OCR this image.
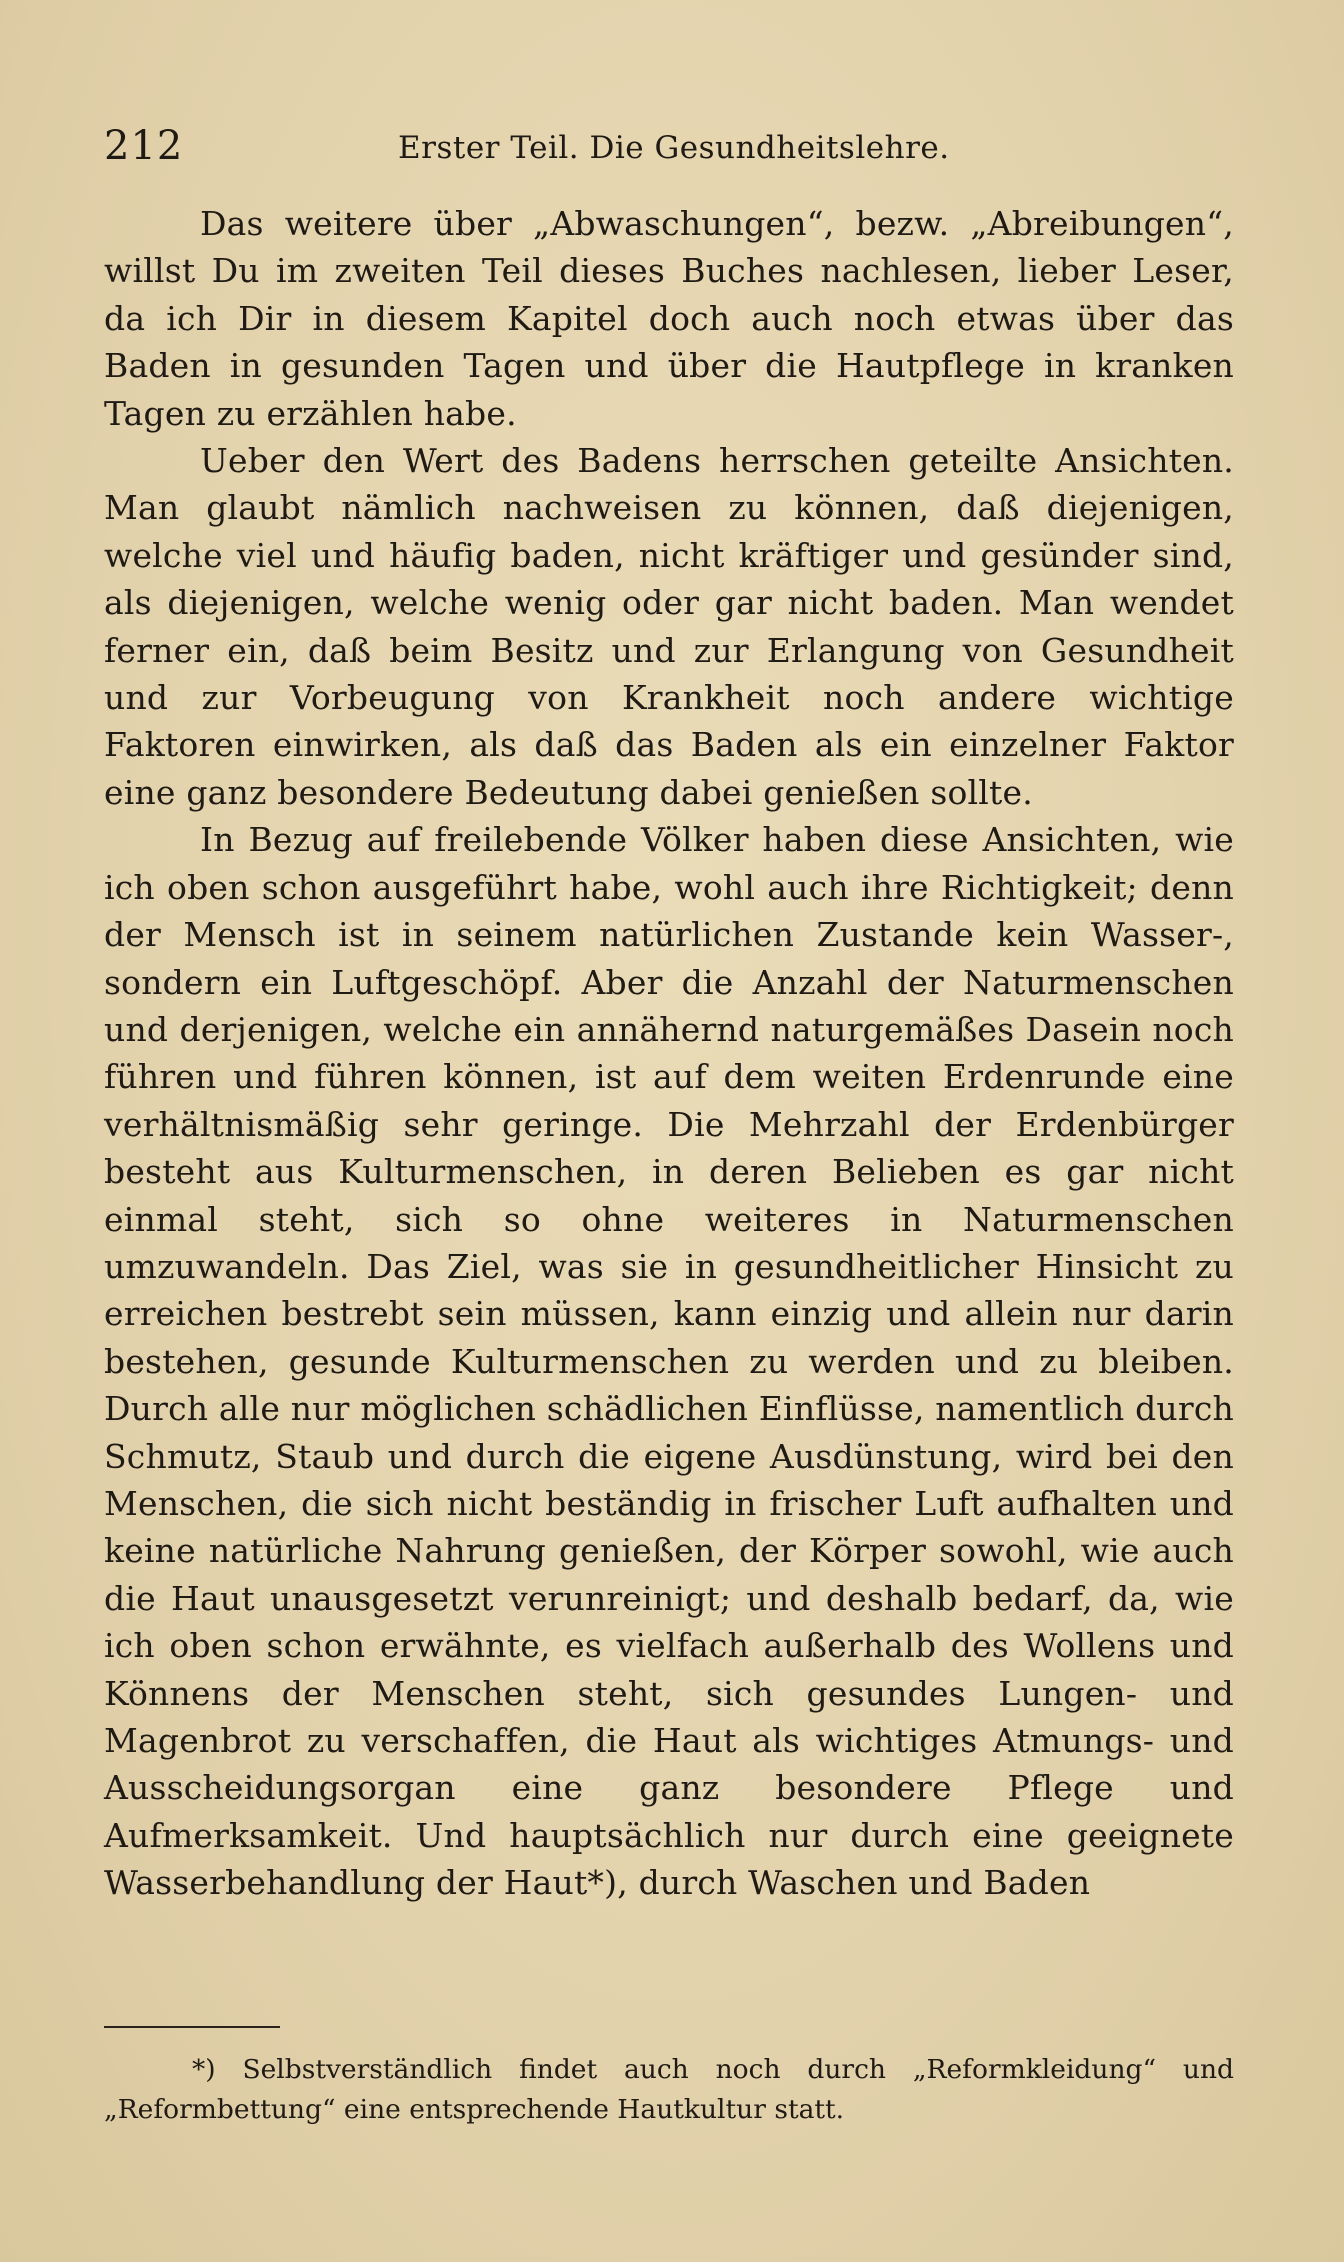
212	Erster Teil. Die Gesundheitslehre.

Das weitere über „Abwaschungen“, bezw. „Abreibungen“, willst Du im zweiten Teil dieses Buches nachlesen, lieber Leser, da ich Dir in diesem Kapitel doch auch noch etwas über das Baden in gesunden Tagen und über die Hautpflege in kranken Tagen zu erzählen habe.

Ueber den Wert des Badens herrschen geteilte Ansichten. Man glaubt nämlich nachweisen zu können, daß diejenigen, welche viel und häufig baden, nicht kräftiger und gesünder sind, als diejenigen, welche wenig oder gar nicht baden. Man wendet ferner ein, daß beim Besitz und zur Erlangung von Gesundheit und zur Vorbeugung von Krankheit noch andere wichtige Faktoren einwirken, als daß das Baden als ein einzelner Faktor eine ganz besondere Bedeutung dabei genießen sollte.

In Bezug auf freilebende Völker haben diese Ansichten, wie ich oben schon ausgeführt habe, wohl auch ihre Richtigkeit; denn der Mensch ist in seinem natürlichen Zustande kein Wasser-, sondern ein Luftgeschöpf. Aber die Anzahl der Naturmenschen und derjenigen, welche ein annähernd naturgemäßes Dasein noch führen und führen können, ist auf dem weiten Erdenrunde eine verhältnismäßig sehr geringe. Die Mehrzahl der Erdenbürger besteht aus Kulturmenschen, in deren Belieben es gar nicht einmal steht, sich so ohne weiteres in Naturmenschen umzuwandeln. Das Ziel, was sie in gesundheitlicher Hinsicht zu erreichen bestrebt sein müssen, kann einzig und allein nur darin bestehen, gesunde Kulturmenschen zu werden und zu bleiben. Durch alle nur möglichen schädlichen Einflüsse, namentlich durch Schmutz, Staub und durch die eigene Ausdünstung, wird bei den Menschen, die sich nicht beständig in frischer Luft aufhalten und keine natürliche Nahrung genießen, der Körper sowohl, wie auch die Haut unausgesetzt verunreinigt; und deshalb bedarf, da, wie ich oben schon erwähnte, es vielfach außerhalb des Wollens und Könnens der Menschen steht, sich gesundes Lungen- und Magenbrot zu verschaffen, die Haut als wichtiges Atmungs- und Ausscheidungsorgan eine ganz besondere Pflege und Aufmerksamkeit. Und hauptsächlich nur durch eine geeignete Wasserbehandlung der Haut*), durch Waschen und Baden

*) Selbstverständlich findet auch noch durch „Reformkleidung“ und „Reformbettung“ eine entsprechende Hautkultur statt.
